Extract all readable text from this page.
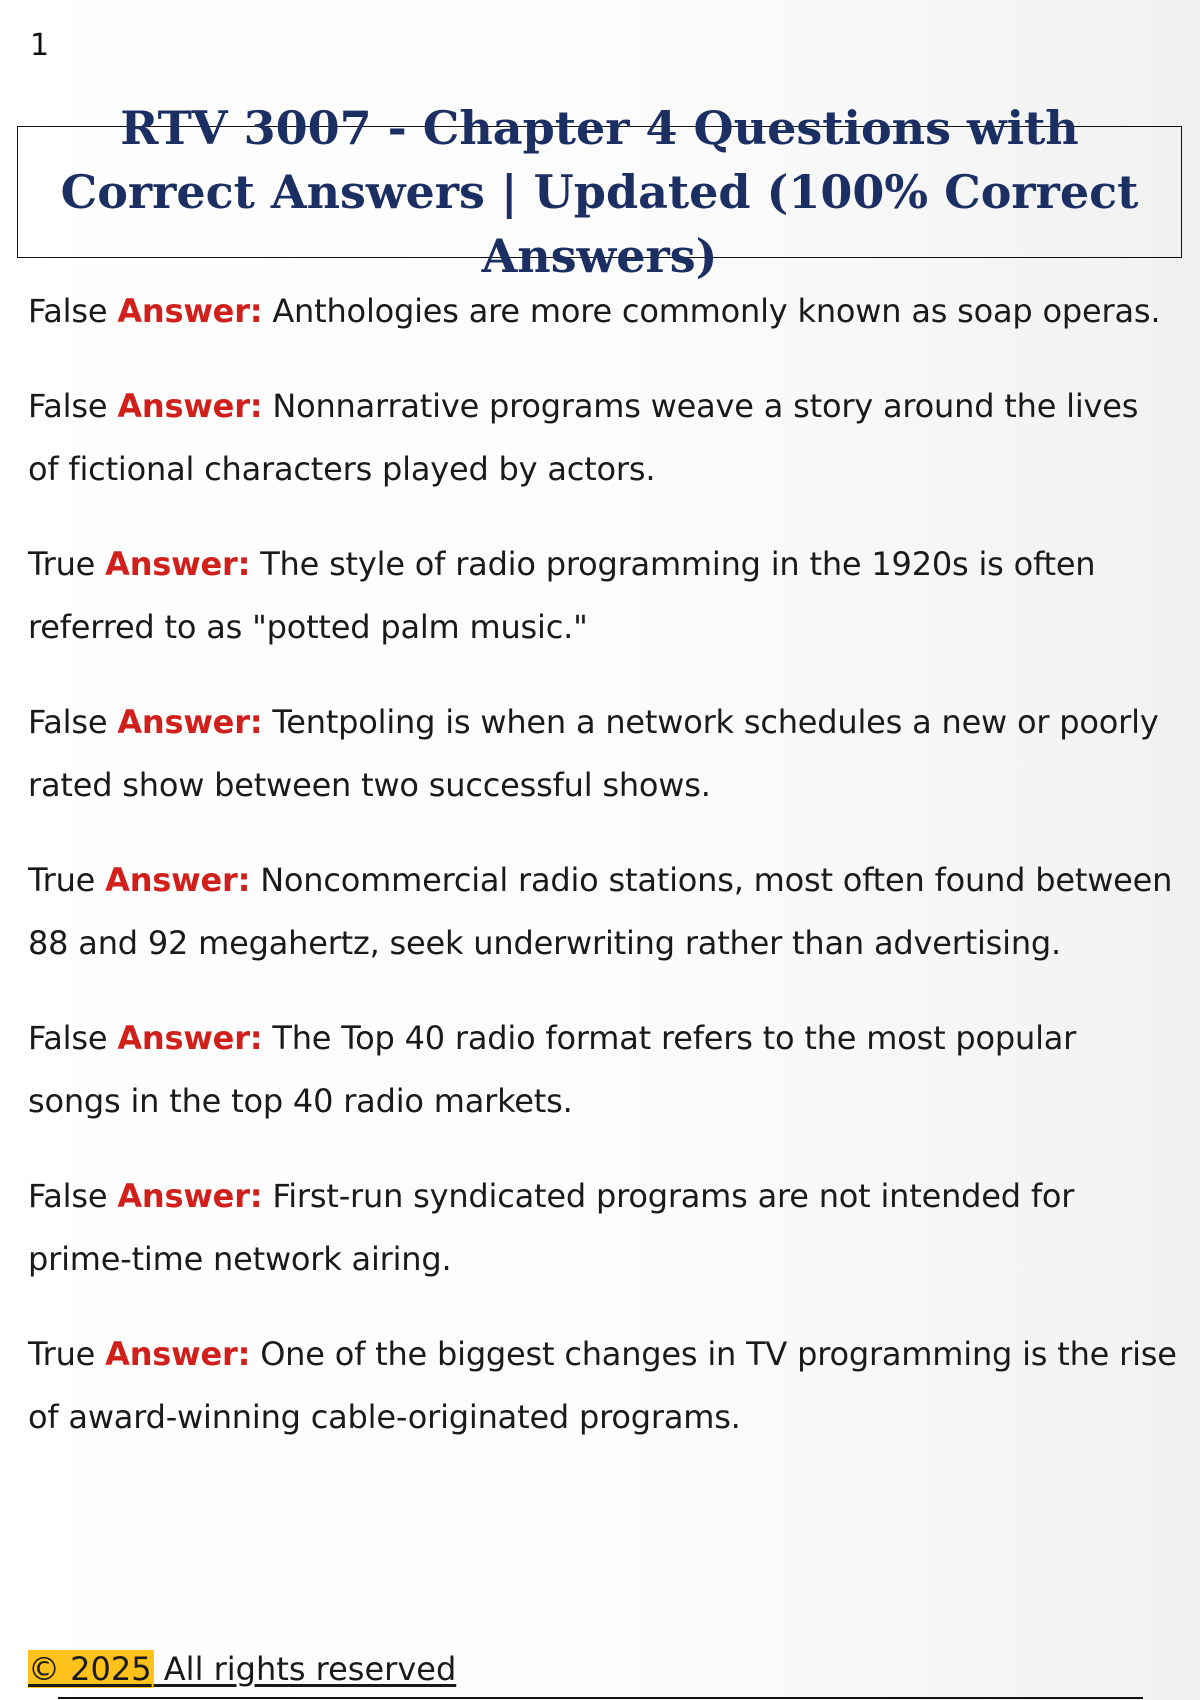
1
RTV 3007 - Chapter 4 Questions with Correct Answers | Updated (100% Correct Answers)

False Answer: Anthologies are more commonly known as soap operas.

False Answer: Nonnarrative programs weave a story around the lives of fictional characters played by actors.

True Answer: The style of radio programming in the 1920s is often referred to as "potted palm music."

False Answer: Tentpoling is when a network schedules a new or poorly rated show between two successful shows.

True Answer: Noncommercial radio stations, most often found between 88 and 92 megahertz, seek underwriting rather than advertising.

False Answer: The Top 40 radio format refers to the most popular songs in the top 40 radio markets.

False Answer: First-run syndicated programs are not intended for prime-time network airing.

True Answer: One of the biggest changes in TV programming is the rise of award-winning cable-originated programs.

© 2025 All rights reserved
